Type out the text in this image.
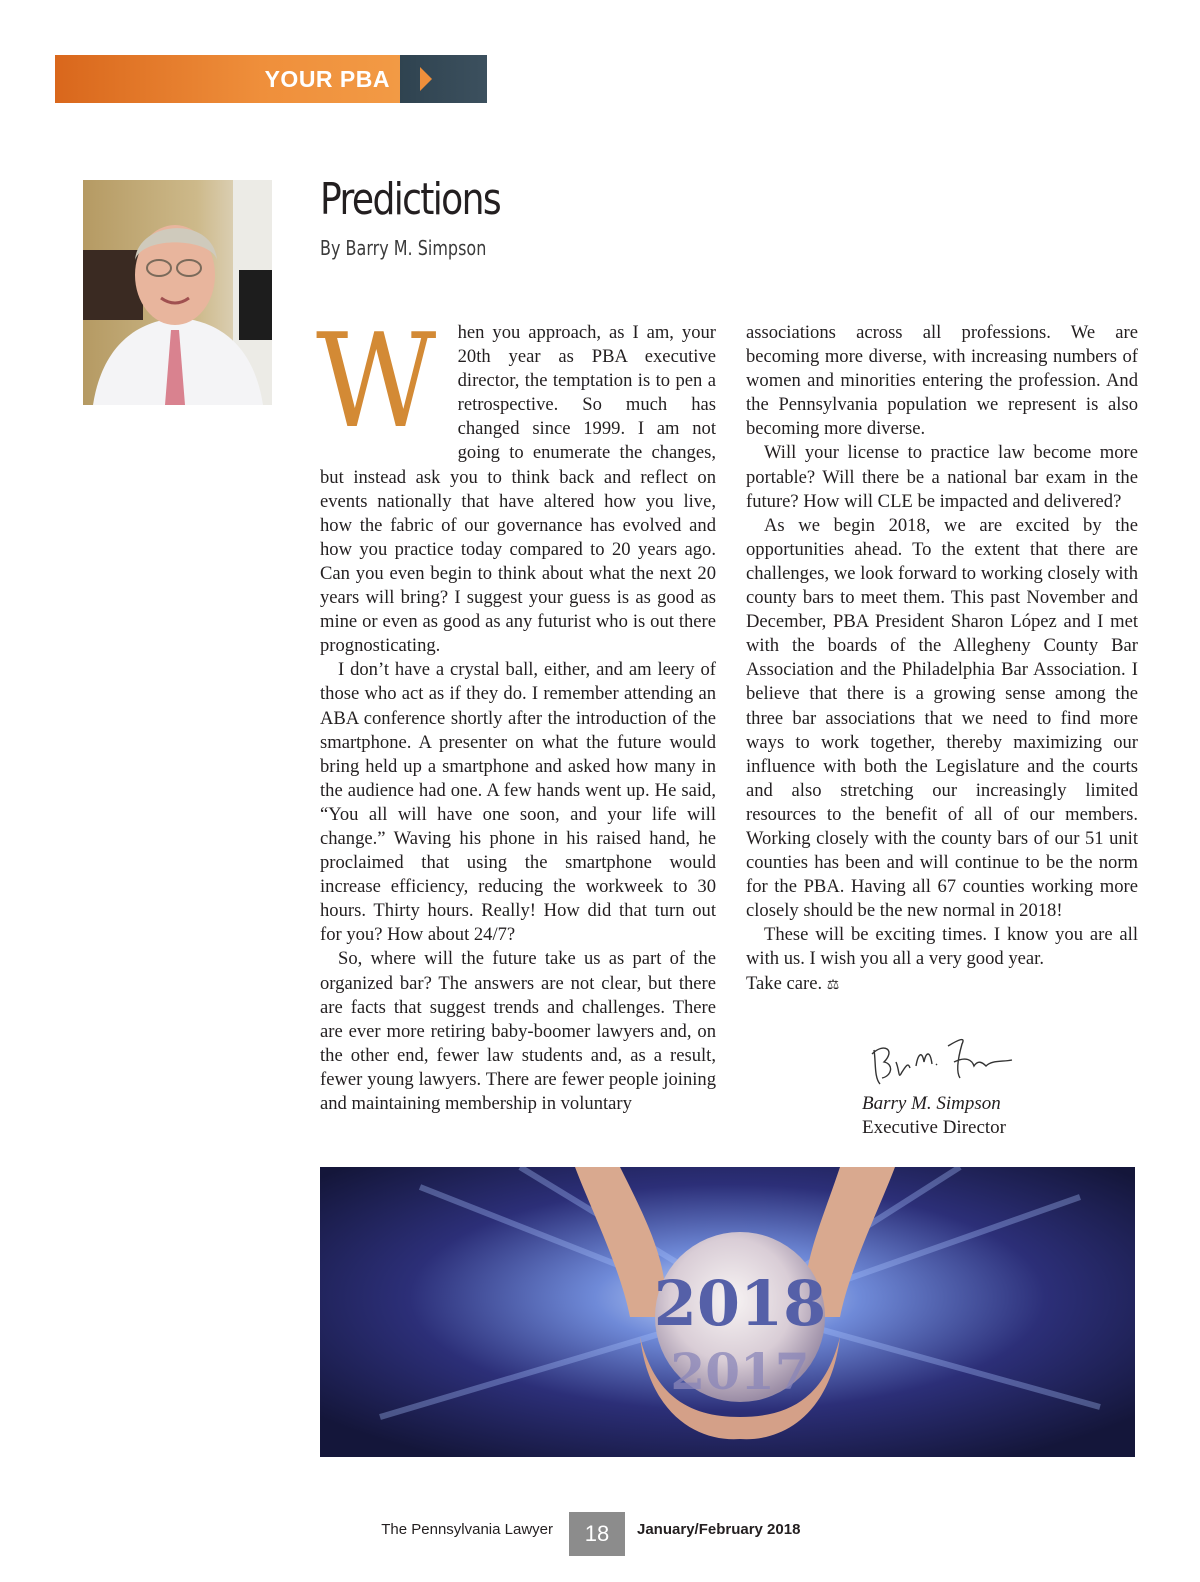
YOUR PBA
Predictions

By Barry M. Simpson

W hen you approach, as I am, your 20th year as PBA executive director, the temptation is to pen a retrospective. So much has changed since 1999. I am not going to enumerate the changes, but instead ask you to think back and reflect on events nationally that have altered how you live, how the fabric of our governance has evolved and how you practice today compared to 20 years ago. Can you even begin to think about what the next 20 years will bring? I suggest your guess is as good as mine or even as good as any futurist who is out there prognosticating.

I don’t have a crystal ball, either, and am leery of those who act as if they do. I remember attending an ABA conference shortly after the introduction of the smartphone. A presenter on what the future would bring held up a smartphone and asked how many in the audience had one. A few hands went up. He said, “You all will have one soon, and your life will change.” Waving his phone in his raised hand, he proclaimed that using the smartphone would increase efficiency, reducing the workweek to 30 hours. Thirty hours. Really! How did that turn out for you? How about 24/7?

So, where will the future take us as part of the organized bar? The answers are not clear, but there are facts that suggest trends and challenges. There are ever more retiring baby-boomer lawyers and, on the other end, fewer law students and, as a result, fewer young lawyers. There are fewer people joining and maintaining membership in voluntary

associations across all professions. We are becoming more diverse, with increasing numbers of women and minorities entering the profession. And the Pennsylvania population we represent is also becoming more diverse.

Will your license to practice law become more portable? Will there be a national bar exam in the future? How will CLE be impacted and delivered?

As we begin 2018, we are excited by the opportunities ahead. To the extent that there are challenges, we look forward to working closely with county bars to meet them. This past November and December, PBA President Sharon López and I met with the boards of the Allegheny County Bar Association and the Philadelphia Bar Association. I believe that there is a growing sense among the three bar associations that we need to find more ways to work together, thereby maximizing our influence with both the Legislature and the courts and also stretching our increasingly limited resources to the benefit of all of our members. Working closely with the county bars of our 51 unit counties has been and will continue to be the norm for the PBA. Having all 67 counties working more closely should be the new normal in 2018!

These will be exciting times. I know you are all with us. I wish you all a very good year.

Take care. ⚖

Barry M. Simpson

Executive Director

2018
2017
The Pennsylvania Lawyer	18	January/February 2018
